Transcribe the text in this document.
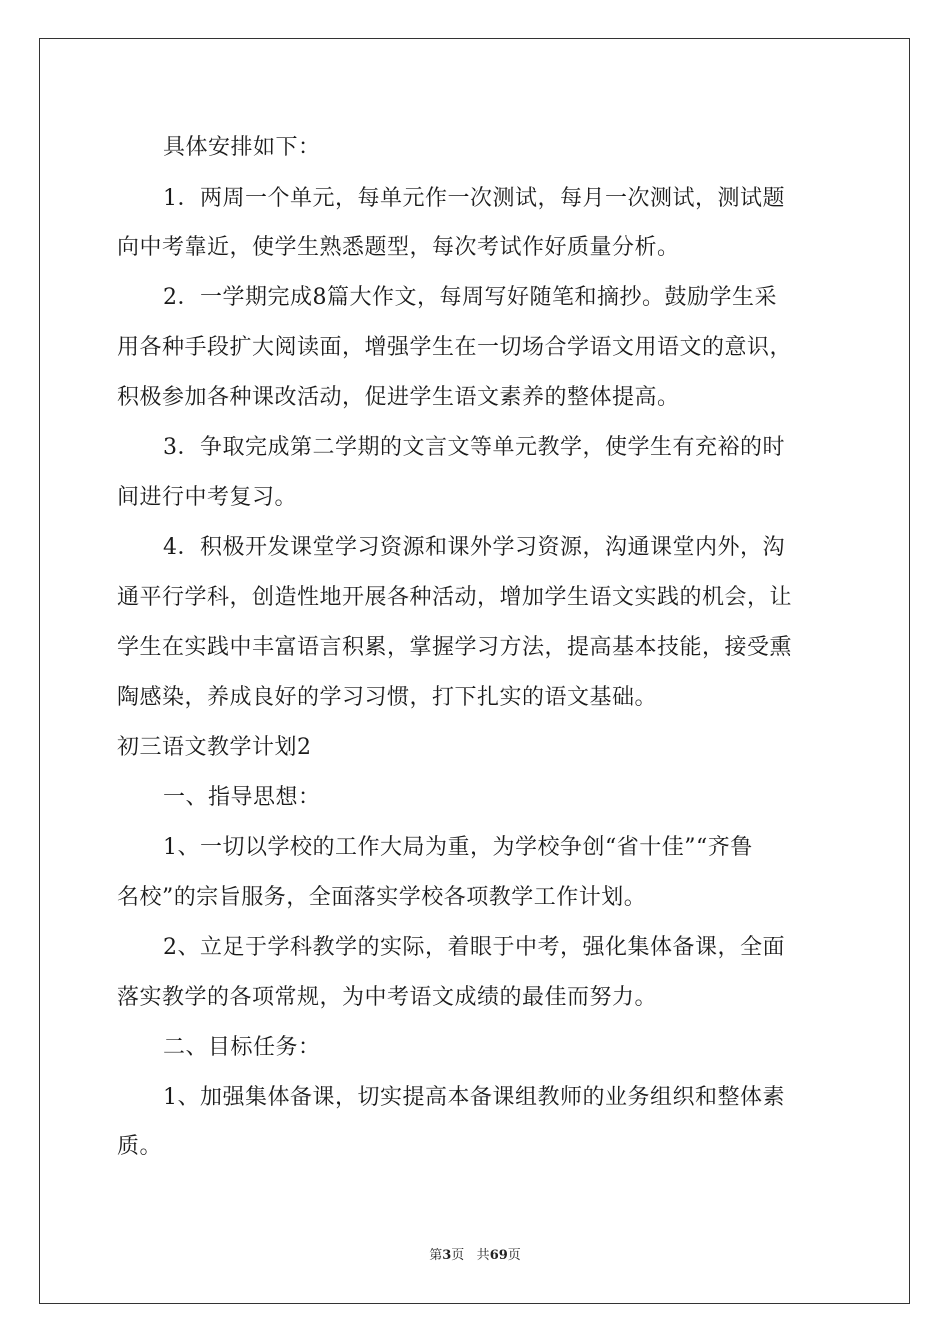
具体安排如下：
1．两周一个单元，每单元作一次测试，每月一次测试，测试题
向中考靠近，使学生熟悉题型，每次考试作好质量分析。
2．一学期完成8篇大作文，每周写好随笔和摘抄。鼓励学生采
用各种手段扩大阅读面，增强学生在一切场合学语文用语文的意识，
积极参加各种课改活动，促进学生语文素养的整体提高。
3．争取完成第二学期的文言文等单元教学，使学生有充裕的时
间进行中考复习。
4．积极开发课堂学习资源和课外学习资源，沟通课堂内外，沟
通平行学科，创造性地开展各种活动，增加学生语文实践的机会，让
学生在实践中丰富语言积累，掌握学习方法，提高基本技能，接受熏
陶感染，养成良好的学习习惯，打下扎实的语文基础。
初三语文教学计划2
一、指导思想：
1、一切以学校的工作大局为重，为学校争创“省十佳”“齐鲁
名校”的宗旨服务，全面落实学校各项教学工作计划。
2、立足于学科教学的实际，着眼于中考，强化集体备课，全面
落实教学的各项常规，为中考语文成绩的最佳而努力。
二、目标任务：
1、加强集体备课，切实提高本备课组教师的业务组织和整体素
质。
第3页 共69页
